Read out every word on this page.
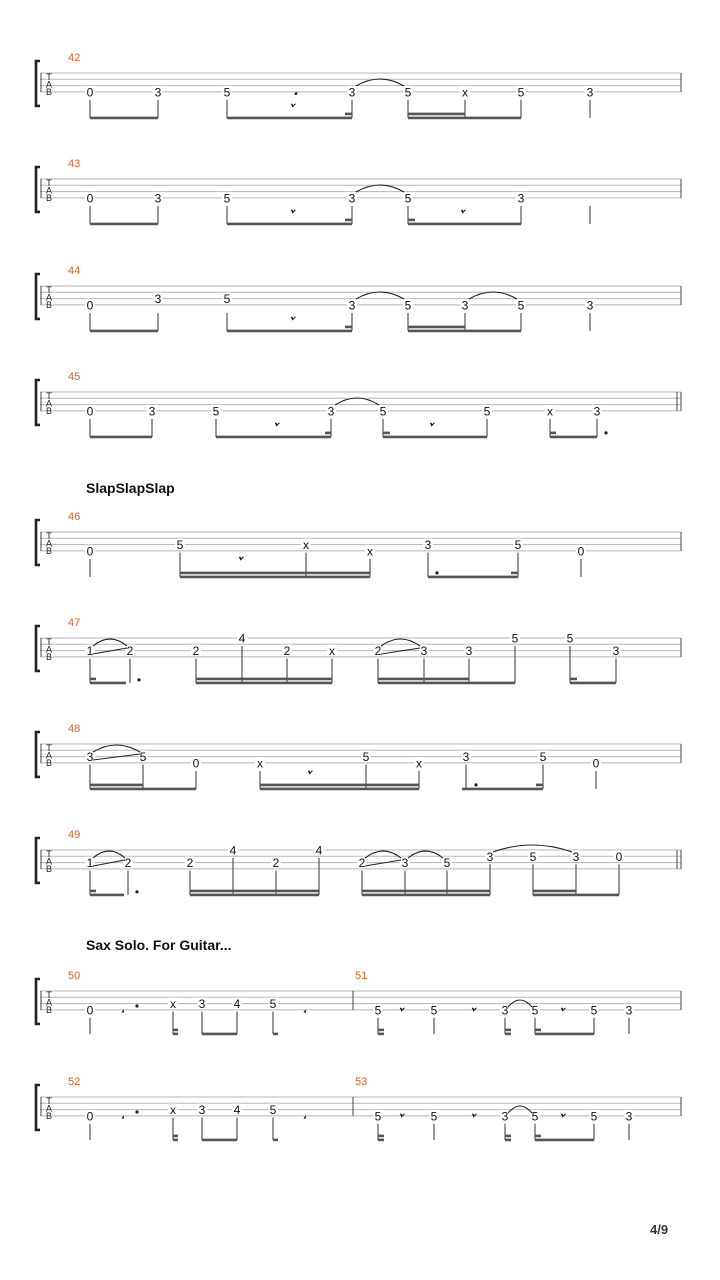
T
A
B
42
0	3	5	3	5	x	5	3
·
T
A
B
43
0	3	5	3	5	3
T
A
B
44
0	3	5	3	5	3	5	3
T
A
B
45
0	3	5	3	5	5	x	3
T
A
B
46
0	5	x	x	3	5	0
T
A
B
47
1	2	2
4
2	x	2	3	3
5	5
3
T
A
B
48
3	5	0	x	5	x	3	5	0
T
A
B
49
1	2	2
4
2
4
2	3	5	3	5	3	0
T
A
B
50	51
0	x 3 4 5	5	5	3 5	5 3
T
A
B
52	53
0	x 3 4 5	5	5	3 5	5 3
SlapSlapSlap
Sax Solo. For Guitar...
4/9
